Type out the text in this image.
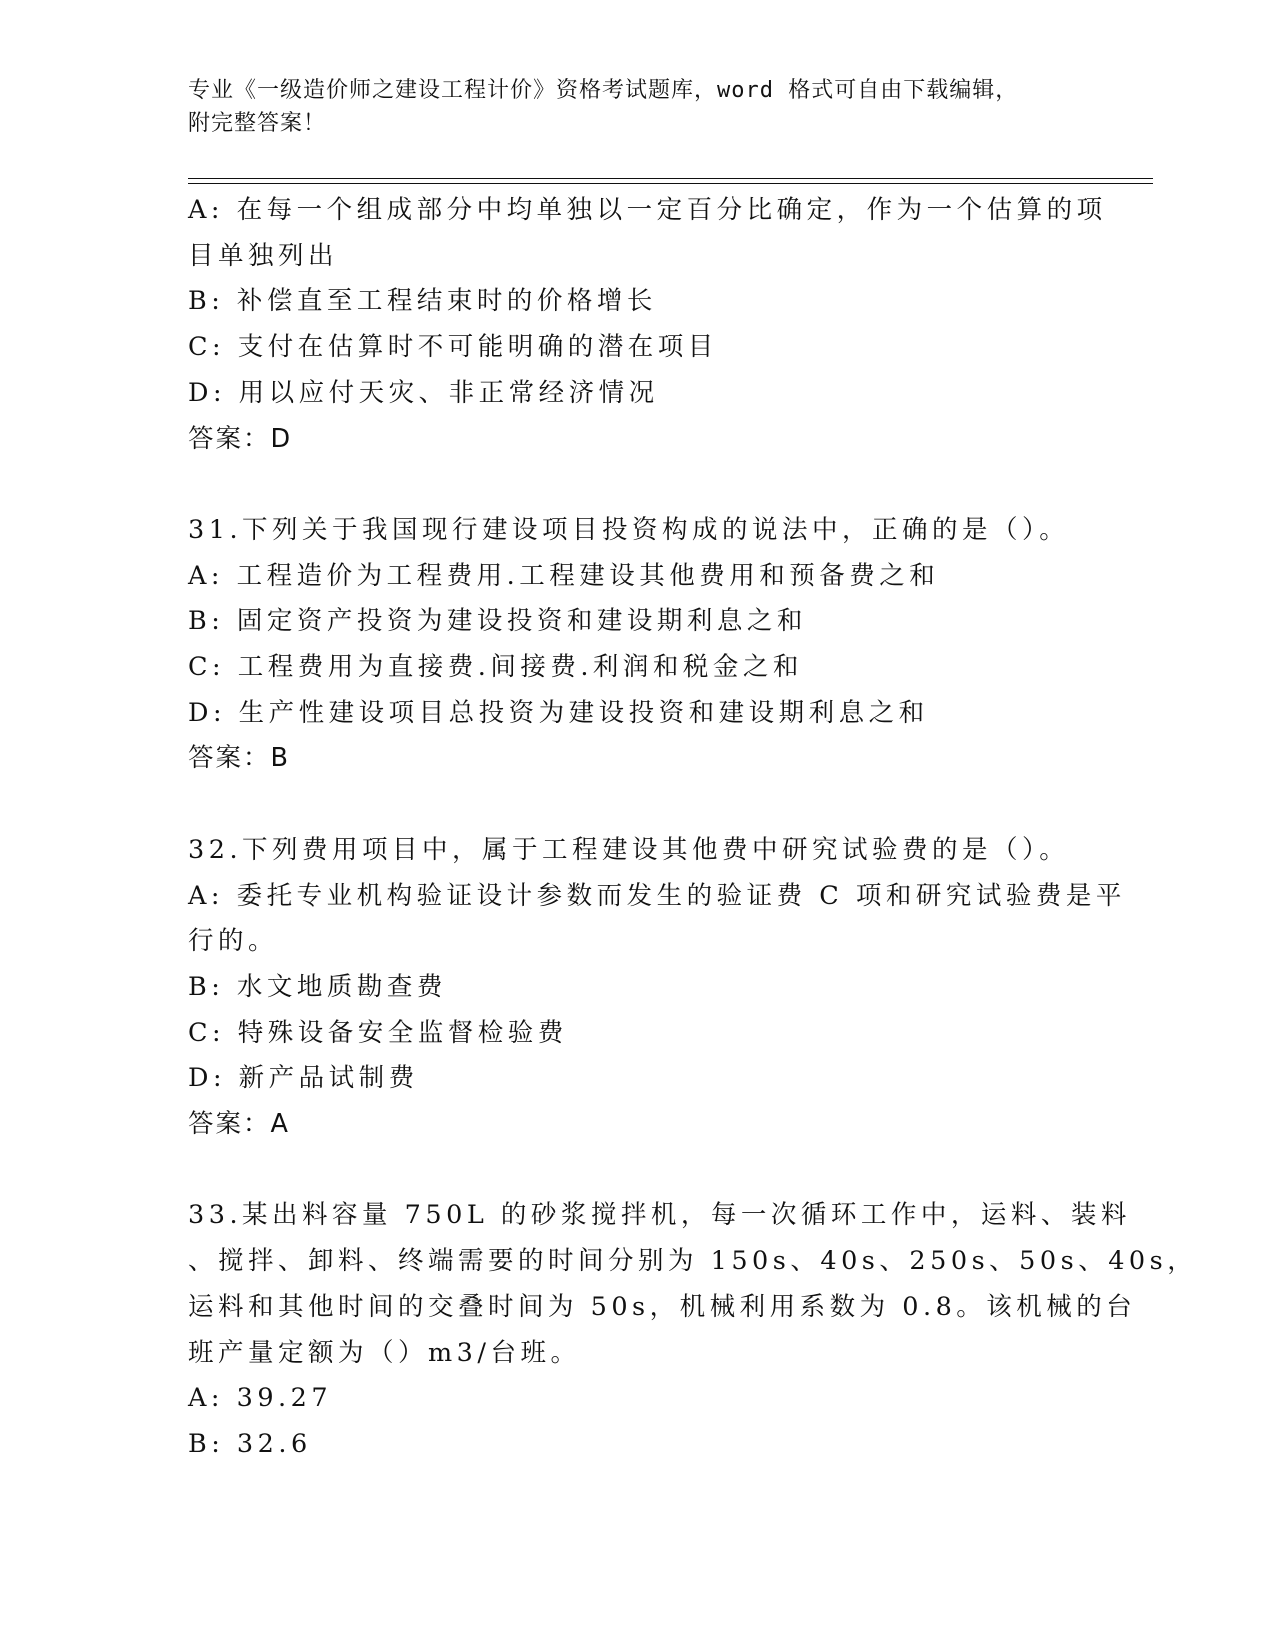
专业《一级造价师之建设工程计价》资格考试题库，word 格式可自由下载编辑，
附完整答案！
A: 在每一个组成部分中均单独以一定百分比确定，作为一个估算的项
目单独列出
B: 补偿直至工程结束时的价格增长
C: 支付在估算时不可能明确的潜在项目
D: 用以应付天灾、非正常经济情况
答案：D
31.下列关于我国现行建设项目投资构成的说法中，正确的是（）。
A: 工程造价为工程费用.工程建设其他费用和预备费之和
B: 固定资产投资为建设投资和建设期利息之和
C: 工程费用为直接费.间接费.利润和税金之和
D: 生产性建设项目总投资为建设投资和建设期利息之和
答案：B
32.下列费用项目中，属于工程建设其他费中研究试验费的是（）。
A: 委托专业机构验证设计参数而发生的验证费 C 项和研究试验费是平
行的。
B: 水文地质勘查费
C: 特殊设备安全监督检验费
D: 新产品试制费
答案：A
33.某出料容量 750L 的砂浆搅拌机，每一次循环工作中，运料、装料
、搅拌、卸料、终端需要的时间分别为 150s、40s、250s、50s、40s，
运料和其他时间的交叠时间为 50s，机械利用系数为 0.8。该机械的台
班产量定额为（）m3/台班。
A: 39.27
B: 32.6
